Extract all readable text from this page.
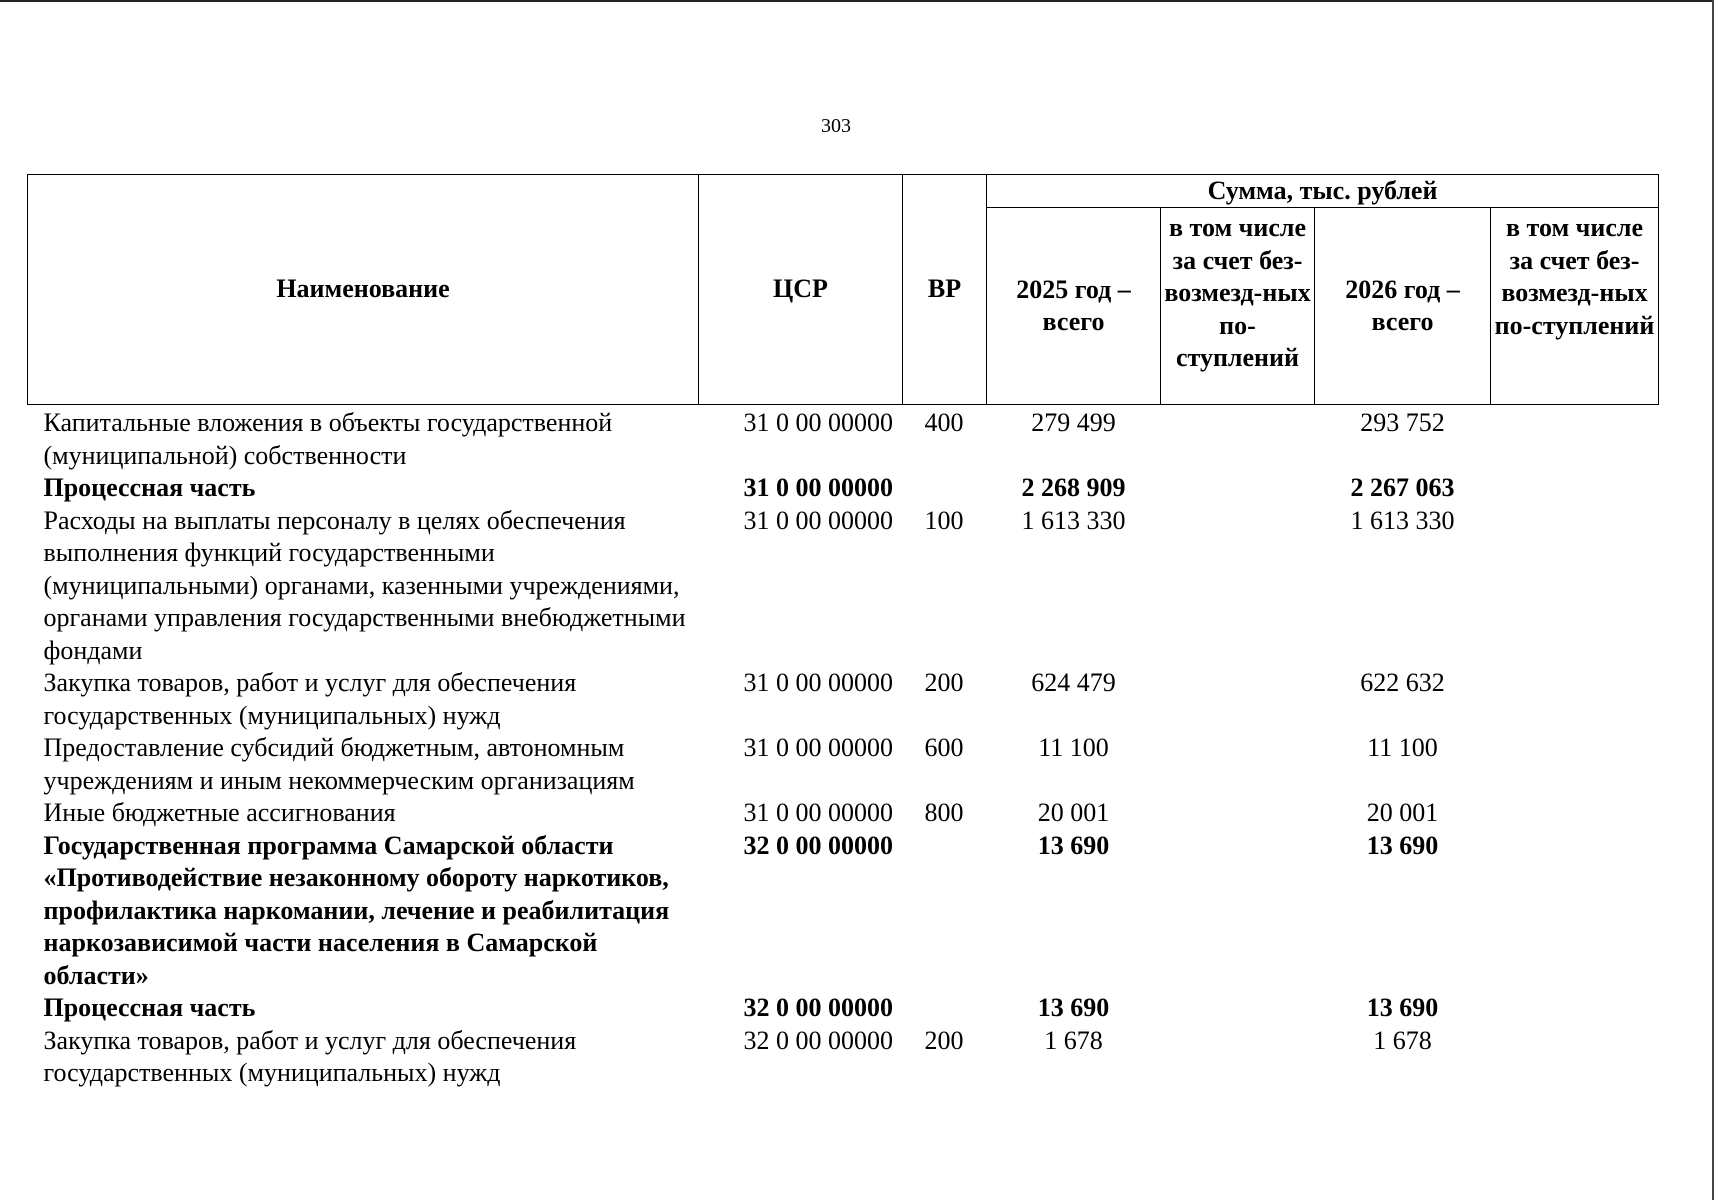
303
Наименование	ЦСР	ВР	Сумма, тыс. рублей			
			2025 год – всего	в том числе за счет без-возмезд-ных по-ступлений	2026 год – всего	в том числе за счет без-возмезд-ных по-ступлений
Капитальные вложения в объекты государственной (муниципальной) собственности	31 0 00 00000	400	279 499		293 752	
Процессная часть	31 0 00 00000		2 268 909		2 267 063	
Расходы на выплаты персоналу в целях обеспечения выполнения функций государственными (муниципальными) органами, казенными учреждениями, органами управления государственными внебюджетными фондами	31 0 00 00000	100	1 613 330		1 613 330	
Закупка товаров, работ и услуг для обеспечения государственных (муниципальных) нужд	31 0 00 00000	200	624 479		622 632	
Предоставление субсидий бюджетным, автономным учреждениям и иным некоммерческим организациям	31 0 00 00000	600	11 100		11 100	
Иные бюджетные ассигнования	31 0 00 00000	800	20 001		20 001	
Государственная программа Самарской области «Противодействие незаконному обороту наркотиков, профилактика наркомании, лечение и реабилитация наркозависимой части населения в Самарской области»	32 0 00 00000		13 690		13 690	
Процессная часть	32 0 00 00000		13 690		13 690	
Закупка товаров, работ и услуг для обеспечения государственных (муниципальных) нужд	32 0 00 00000	200	1 678		1 678	
